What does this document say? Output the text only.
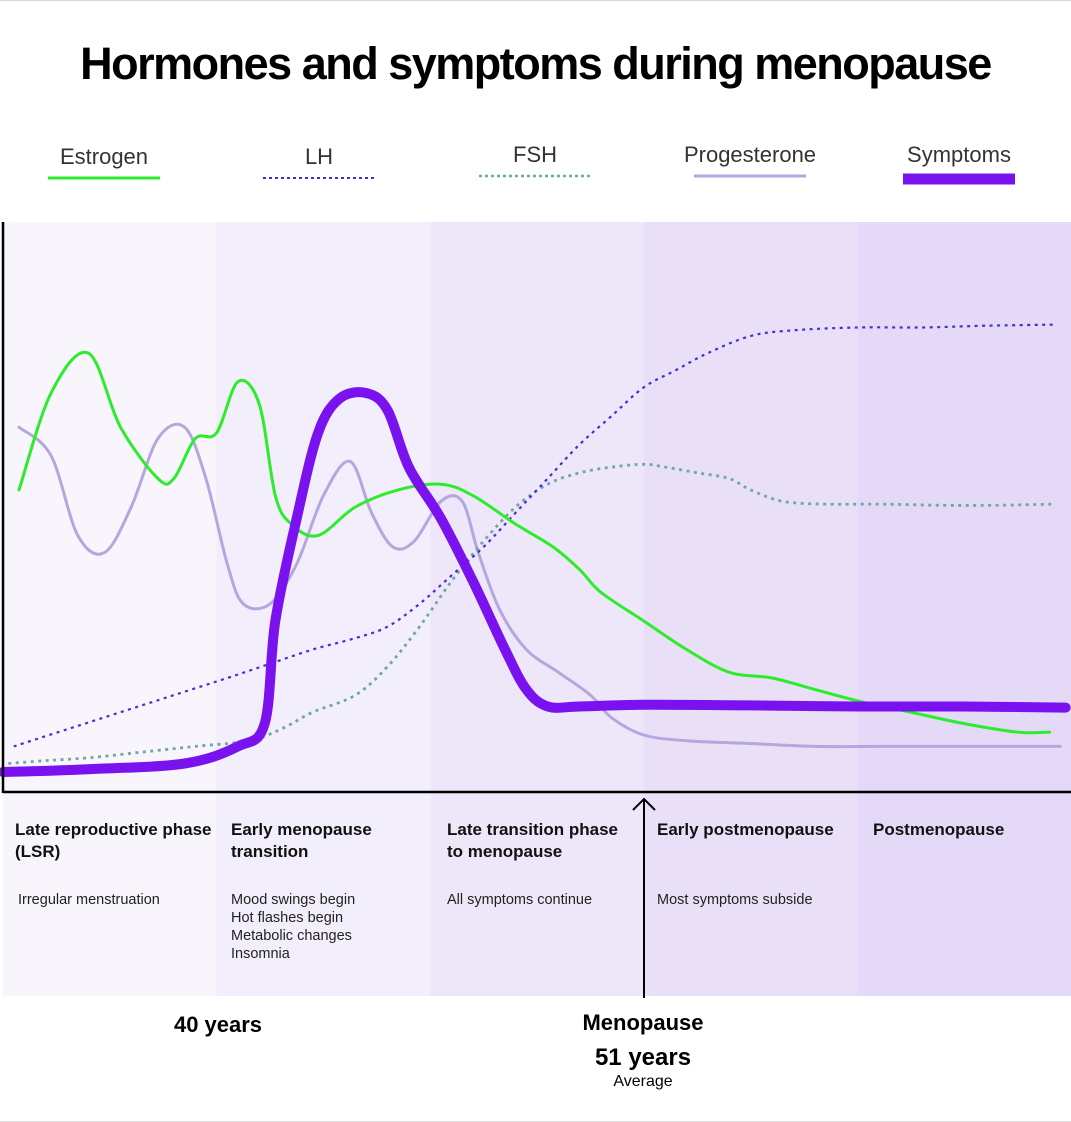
Hormones and symptoms during menopause
Estrogen	LH	FSH	Progesterone	Symptoms
Late reproductive phase
(LSR)
Irregular menstruation
Early menopause transition
Mood swings begin
Hot flashes begin
Metabolic changes
Insomnia
Late transition phase to menopause
All symptoms continue
Early postmenopause
Most symptoms subside
Postmenopause
40 years	Menopause
51 years
Average
